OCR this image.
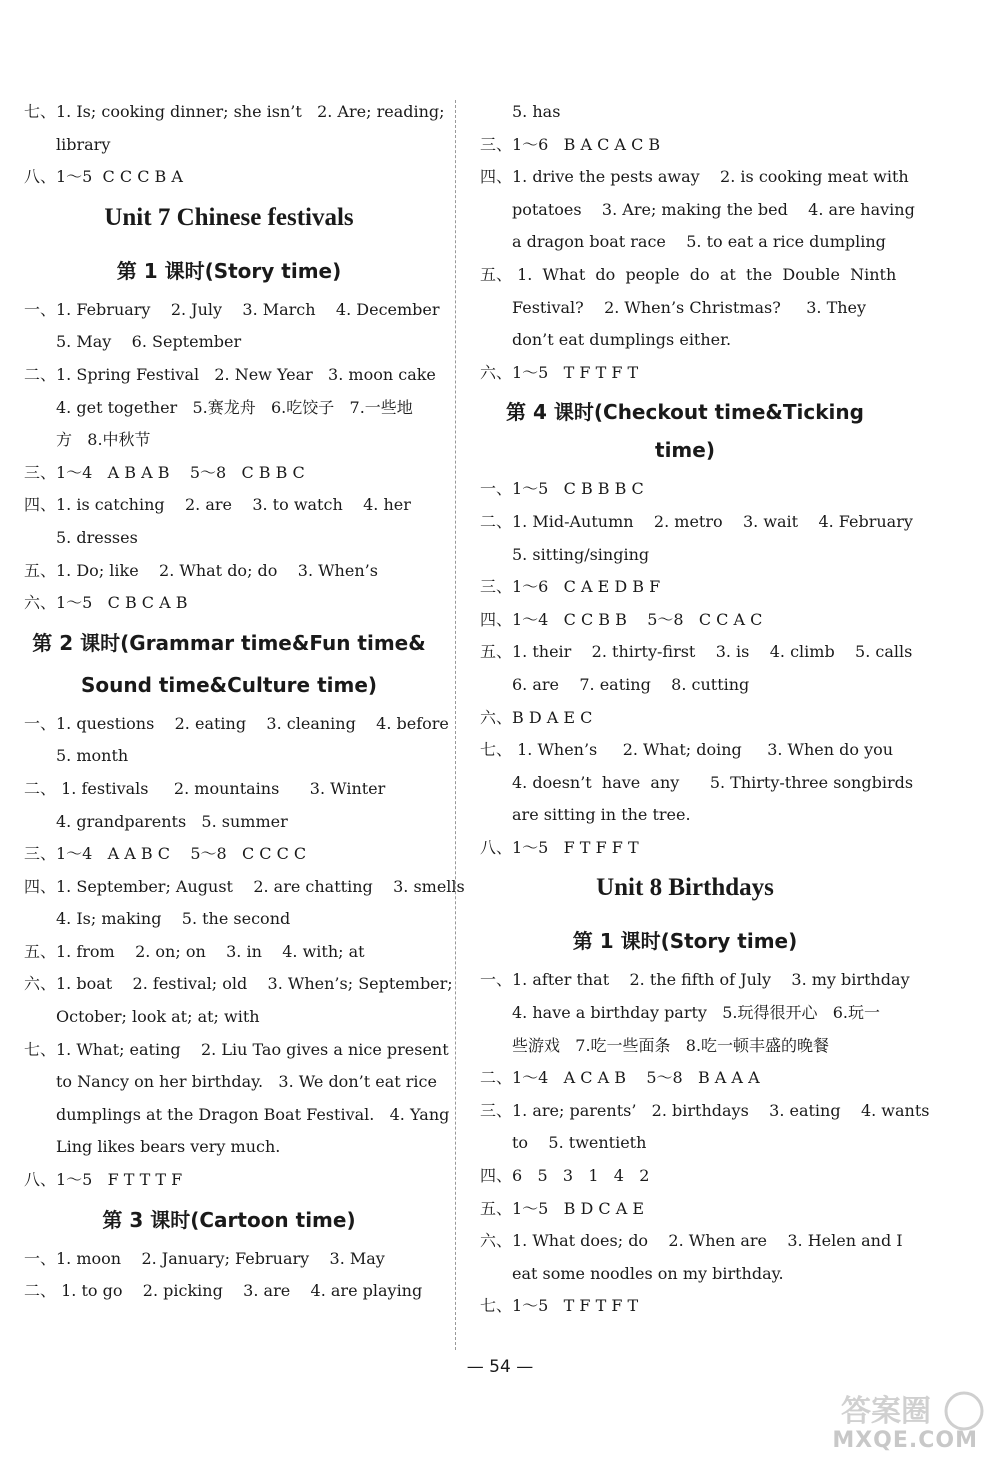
七、1. Is; cooking dinner; she isn’t   2. Are; reading;
library
八、1～5  C C C B A
Unit 7 Chinese festivals
第 1 课时(Story time)
一、1. February    2. July    3. March    4. December
5. May    6. September
二、1. Spring Festival   2. New Year   3. moon cake
4. get together   5.赛龙舟   6.吃饺子   7.一些地
方   8.中秋节
三、1～4   A B A B    5～8   C B B C
四、1. is catching    2. are    3. to watch    4. her
5. dresses
五、1. Do; like    2. What do; do    3. When’s
六、1～5   C B C A B
第 2 课时(Grammar time&Fun time&
Sound time&Culture time)
一、1. questions    2. eating    3. cleaning    4. before
5. month
二、 1. festivals     2. mountains      3. Winter
4. grandparents   5. summer
三、1～4   A A B C    5～8   C C C C
四、1. September; August    2. are chatting    3. smells
4. Is; making    5. the second
五、1. from    2. on; on    3. in    4. with; at
六、1. boat    2. festival; old    3. When’s; September;
October; look at; at; with
七、1. What; eating    2. Liu Tao gives a nice present
to Nancy on her birthday.   3. We don’t eat rice
dumplings at the Dragon Boat Festival.   4. Yang
Ling likes bears very much.
八、1～5   F T T T F
第 3 课时(Cartoon time)
一、1. moon    2. January; February    3. May
二、 1. to go    2. picking    3. are    4. are playing
5. has
三、1～6   B A C A C B
四、1. drive the pests away    2. is cooking meat with
potatoes    3. Are; making the bed    4. are having
a dragon boat race    5. to eat a rice dumpling
五、 1.  What  do  people  do  at  the  Double  Ninth
Festival?    2. When’s Christmas?     3. They
don’t eat dumplings either.
六、1～5   T F T F T
第 4 课时(Checkout time&Ticking time)
一、1～5   C B B B C
二、1. Mid-Autumn    2. metro    3. wait    4. February
5. sitting/singing
三、1～6   C A E D B F
四、1～4   C C B B    5～8   C C A C
五、1. their    2. thirty-first    3. is    4. climb    5. calls
6. are    7. eating    8. cutting
六、B D A E C
七、 1. When’s     2. What; doing     3. When do you
4. doesn’t  have  any      5. Thirty-three songbirds
are sitting in the tree.
八、1～5   F T F F T
Unit 8 Birthdays
第 1 课时(Story time)
一、1. after that    2. the fifth of July    3. my birthday
4. have a birthday party   5.玩得很开心   6.玩一
些游戏   7.吃一些面条   8.吃一顿丰盛的晚餐
二、1～4   A C A B    5～8   B A A A
三、1. are; parents’   2. birthdays    3. eating    4. wants
to    5. twentieth
四、6   5   3   1   4   2
五、1～5   B D C A E
六、1. What does; do    2. When are    3. Helen and I
eat some noodles on my birthday.
七、1～5   T F T F T
— 54 —
答案圈
MXQE.COM
